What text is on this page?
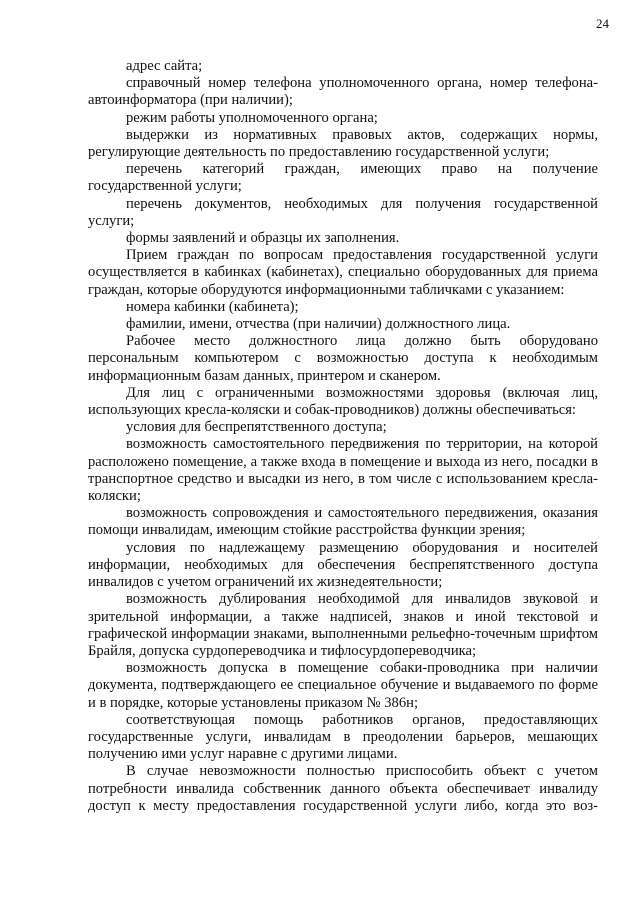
24

адрес сайта;

справочный номер телефона уполномоченного органа, номер телефона-автоинформатора (при наличии);

режим работы уполномоченного органа;

выдержки из нормативных правовых актов, содержащих нормы, регулирующие деятельность по предоставлению государственной услуги;

перечень категорий граждан, имеющих право на получение государственной услуги;

перечень документов, необходимых для получения государственной услуги;

формы заявлений и образцы их заполнения.

Прием граждан по вопросам предоставления государственной услуги осуществляется в кабинках (кабинетах), специально оборудованных для приема граждан, которые оборудуются информационными табличками с указанием:

номера кабинки (кабинета);

фамилии, имени, отчества (при наличии) должностного лица.

Рабочее место должностного лица должно быть оборудовано персональным компьютером с возможностью доступа к необходимым информационным базам данных, принтером и сканером.

Для лиц с ограниченными возможностями здоровья (включая лиц, использующих кресла-коляски и собак-проводников) должны обеспечиваться:

условия для беспрепятственного доступа;

возможность самостоятельного передвижения по территории, на которой расположено помещение, а также входа в помещение и выхода из него, посадки в транспортное средство и высадки из него, в том числе с использованием кресла-коляски;

возможность сопровождения и самостоятельного передвижения, оказания помощи инвалидам, имеющим стойкие расстройства функции зрения;

условия по надлежащему размещению оборудования и носителей информации, необходимых для обеспечения беспрепятственного доступа инвалидов с учетом ограничений их жизнедеятельности;

возможность дублирования необходимой для инвалидов звуковой и зрительной информации, а также надписей, знаков и иной текстовой и графической информации знаками, выполненными рельефно-точечным шрифтом Брайля, допуска сурдопереводчика и тифлосурдопереводчика;

возможность допуска в помещение собаки-проводника при наличии документа, подтверждающего ее специальное обучение и выдаваемого по форме и в порядке, которые установлены приказом № 386н;

соответствующая помощь работников органов, предоставляющих государственные услуги, инвалидам в преодолении барьеров, мешающих получению ими услуг наравне с другими лицами.

В случае невозможности полностью приспособить объект с учетом потребности инвалида собственник данного объекта обеспечивает инвалиду доступ к месту предоставления государственной услуги либо, когда это воз-
